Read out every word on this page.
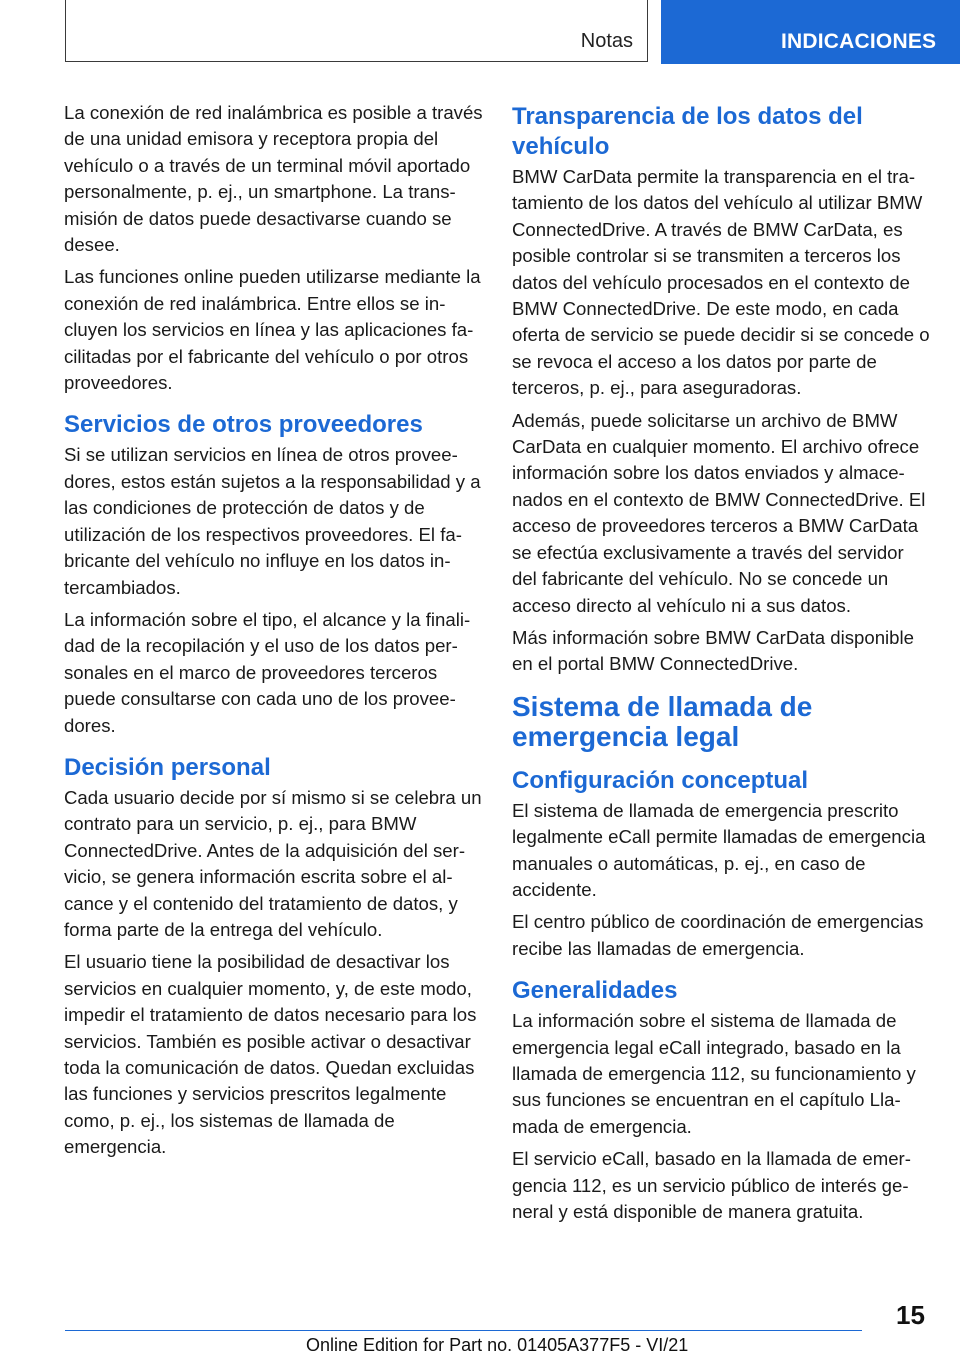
Notas	INDICACIONES

La conexión de red inalámbrica es posible a través de una unidad emisora y receptora propia del vehículo o a través de un terminal móvil aportado personalmente, p. ej., un smartphone. La transmisión de datos puede desactivarse cuando se desee.

Las funciones online pueden utilizarse mediante la conexión de red inalámbrica. Entre ellos se incluyen los servicios en línea y las aplicaciones facilitadas por el fabricante del vehículo o por otros proveedores.

Servicios de otros proveedores

Si se utilizan servicios en línea de otros proveedores, estos están sujetos a la responsabilidad y a las condiciones de protección de datos y de utilización de los respectivos proveedores. El fabricante del vehículo no influye en los datos intercambiados.

La información sobre el tipo, el alcance y la finalidad de la recopilación y el uso de los datos personales en el marco de proveedores terceros puede consultarse con cada uno de los proveedores.

Decisión personal

Cada usuario decide por sí mismo si se celebra un contrato para un servicio, p. ej., para BMW ConnectedDrive. Antes de la adquisición del servicio, se genera información escrita sobre el alcance y el contenido del tratamiento de datos, y forma parte de la entrega del vehículo.

El usuario tiene la posibilidad de desactivar los servicios en cualquier momento, y, de este modo, impedir el tratamiento de datos necesario para los servicios. También es posible activar o desactivar toda la comunicación de datos. Quedan excluidas las funciones y servicios prescritos legalmente como, p. ej., los sistemas de llamada de emergencia.

Transparencia de los datos del vehículo

BMW CarData permite la transparencia en el tratamiento de los datos del vehículo al utilizar BMW ConnectedDrive. A través de BMW CarData, es posible controlar si se transmiten a terceros los datos del vehículo procesados en el contexto de BMW ConnectedDrive. De este modo, en cada oferta de servicio se puede decidir si se concede o se revoca el acceso a los datos por parte de terceros, p. ej., para aseguradoras.

Además, puede solicitarse un archivo de BMW CarData en cualquier momento. El archivo ofrece información sobre los datos enviados y almacenados en el contexto de BMW ConnectedDrive. El acceso de proveedores terceros a BMW CarData se efectúa exclusivamente a través del servidor del fabricante del vehículo. No se concede un acceso directo al vehículo ni a sus datos.

Más información sobre BMW CarData disponible en el portal BMW ConnectedDrive.

Sistema de llamada de emergencia legal
Configuración conceptual

El sistema de llamada de emergencia prescrito legalmente eCall permite llamadas de emergencia manuales o automáticas, p. ej., en caso de accidente.

El centro público de coordinación de emergencias recibe las llamadas de emergencia.

Generalidades

La información sobre el sistema de llamada de emergencia legal eCall integrado, basado en la llamada de emergencia 112, su funcionamiento y sus funciones se encuentran en el capítulo Llamada de emergencia.

El servicio eCall, basado en la llamada de emergencia 112, es un servicio público de interés general y está disponible de manera gratuita.

15
Online Edition for Part no. 01405A377F5 - VI/21
